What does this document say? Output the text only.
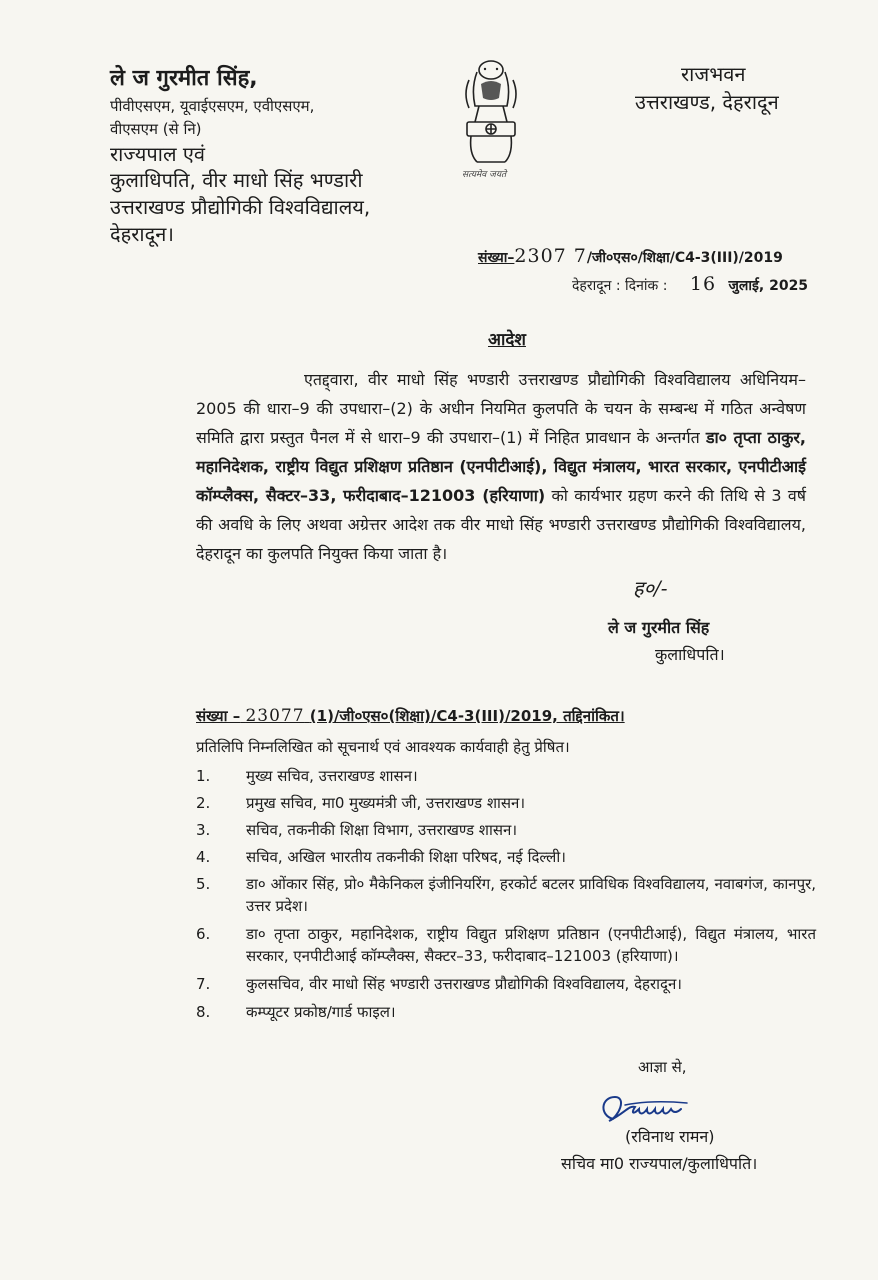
ले ज गुरमीत सिंह,
पीवीएसएम, यूवाईएसएम, एवीएसएम,
वीएसएम (से नि)
राज्यपाल एवं
कुलाधिपति, वीर माधो सिंह भण्डारी
उत्तराखण्ड प्रौद्योगिकी विश्वविद्यालय,
देहरादून।
सत्यमेव जयते
राजभवन
उत्तराखण्ड, देहरादून
संख्या–2307 7/जी०एस०/शिक्षा/C4-3(III)/2019
देहरादून : दिनांक : 16 जुलाई, 2025
आदेश
एतद्द्वारा, वीर माधो सिंह भण्डारी उत्तराखण्ड प्रौद्योगिकी विश्वविद्यालय अधिनियम–2005 की धारा–9 की उपधारा–(2) के अधीन नियमित कुलपति के चयन के सम्बन्ध में गठित अन्वेषण समिति द्वारा प्रस्तुत पैनल में से धारा–9 की उपधारा–(1) में निहित प्रावधान के अन्तर्गत डा० तृप्ता ठाकुर, महानिदेशक, राष्ट्रीय विद्युत प्रशिक्षण प्रतिष्ठान (एनपीटीआई), विद्युत मंत्रालय, भारत सरकार, एनपीटीआई कॉम्प्लैक्स, सैक्टर–33, फरीदाबाद–121003 (हरियाणा) को कार्यभार ग्रहण करने की तिथि से 3 वर्ष की अवधि के लिए अथवा अग्रेत्तर आदेश तक वीर माधो सिंह भण्डारी उत्तराखण्ड प्रौद्योगिकी विश्वविद्यालय, देहरादून का कुलपति नियुक्त किया जाता है।
ह०/-
ले ज गुरमीत सिंह
कुलाधिपति।
संख्या – 23077 (1)/जी०एस०(शिक्षा)/C4-3(III)/2019, तद्दिनांकित।
प्रतिलिपि निम्नलिखित को सूचनार्थ एवं आवश्यक कार्यवाही हेतु प्रेषित।
1.	मुख्य सचिव, उत्तराखण्ड शासन।
2.	प्रमुख सचिव, मा0 मुख्यमंत्री जी, उत्तराखण्ड शासन।
3.	सचिव, तकनीकी शिक्षा विभाग, उत्तराखण्ड शासन।
4.	सचिव, अखिल भारतीय तकनीकी शिक्षा परिषद, नई दिल्ली।
5.	डा० ओंकार सिंह, प्रो० मैकेनिकल इंजीनियरिंग, हरकोर्ट बटलर प्राविधिक विश्वविद्यालय, नवाबगंज, कानपुर, उत्तर प्रदेश।
6.	डा० तृप्ता ठाकुर, महानिदेशक, राष्ट्रीय विद्युत प्रशिक्षण प्रतिष्ठान (एनपीटीआई), विद्युत मंत्रालय, भारत सरकार, एनपीटीआई कॉम्प्लैक्स, सैक्टर–33, फरीदाबाद–121003 (हरियाणा)।
7.	कुलसचिव, वीर माधो सिंह भण्डारी उत्तराखण्ड प्रौद्योगिकी विश्वविद्यालय, देहरादून।
8.	कम्प्यूटर प्रकोष्ठ/गार्ड फाइल।
आज्ञा से,
(रविनाथ रामन)
सचिव मा0 राज्यपाल/कुलाधिपति।
